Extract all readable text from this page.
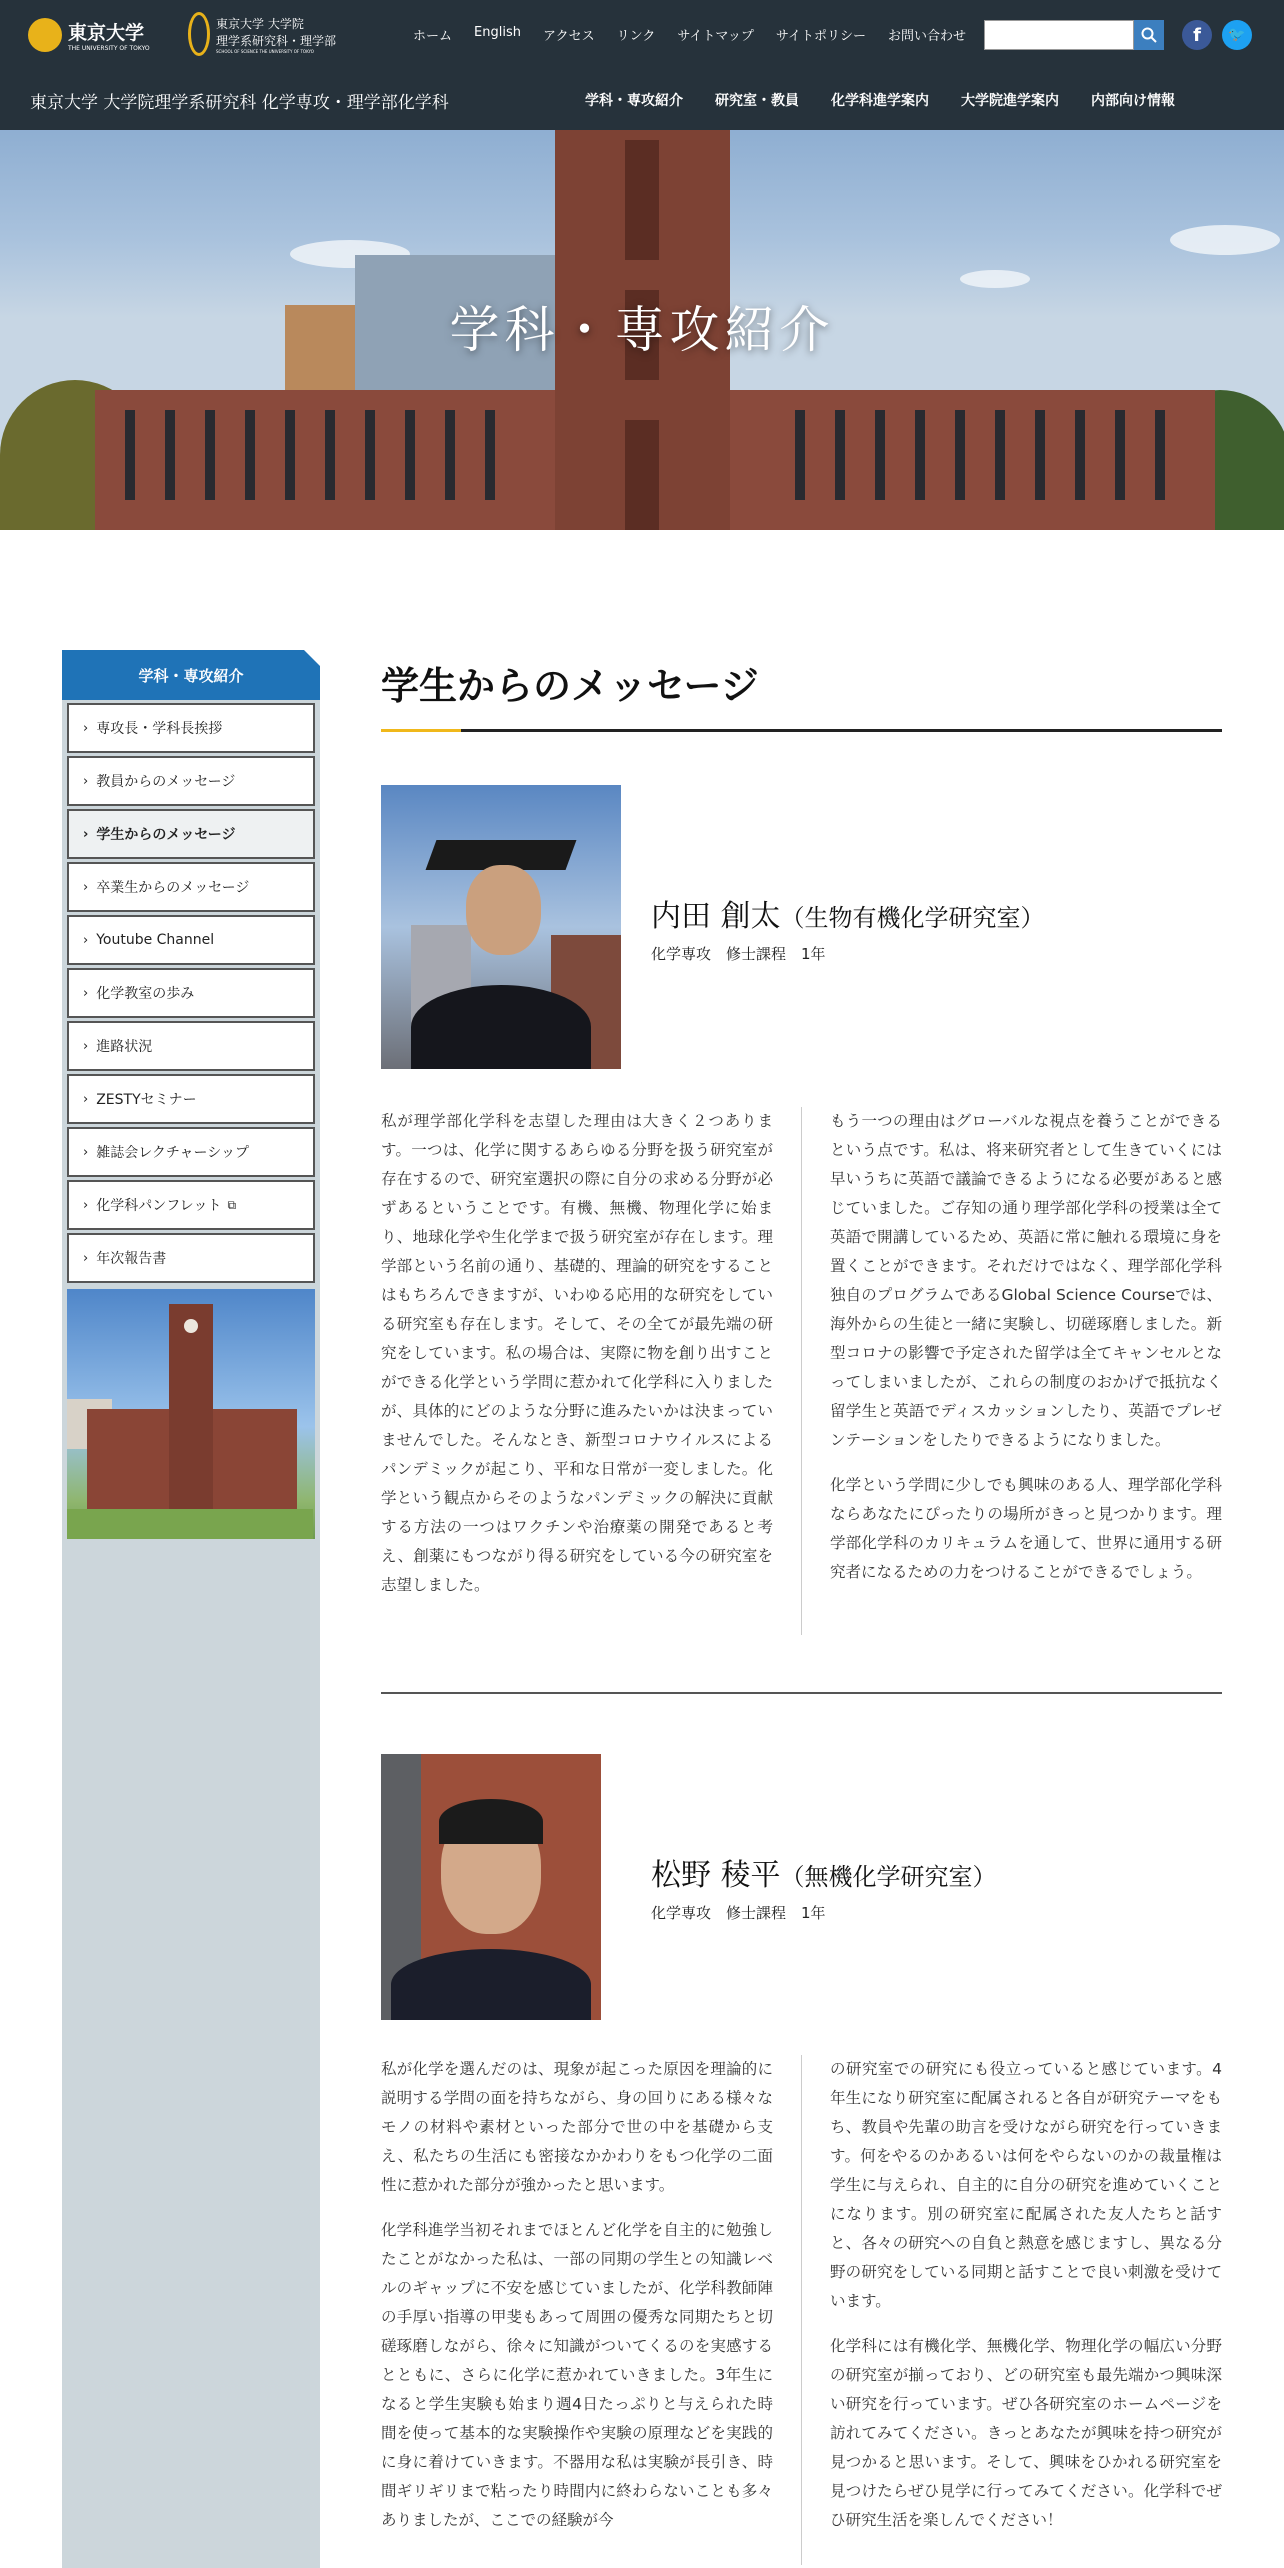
学科・専攻紹介
東京大学
THE UNIVERSITY OF TOKYO
東京大学 大学院
理学系研究科・理学部
SCHOOL OF SCIENCE THE UNIVERSITY OF TOKYO
ホーム English アクセス リンク サイトマップ サイトポリシー お問い合わせ	f	🐦
東京大学 大学院理学系研究科 化学専攻・理学部化学科	学科・専攻紹介 研究室・教員 化学科進学案内 大学院進学案内 内部向け情報
学科・専攻紹介
› 専攻長・学科長挨拶
› 教員からのメッセージ
› 学生からのメッセージ
› 卒業生からのメッセージ
› Youtube Channel
› 化学教室の歩み
› 進路状況
› ZESTYセミナー
› 雑誌会レクチャーシップ
› 化学科パンフレット ⧉
› 年次報告書
学生からのメッセージ
内田 創太（生物有機化学研究室）
化学専攻　修士課程　1年

私が理学部化学科を志望した理由は大きく２つあります。一つは、化学に関するあらゆる分野を扱う研究室が存在するので、研究室選択の際に自分の求める分野が必ずあるということです。有機、無機、物理化学に始まり、地球化学や生化学まで扱う研究室が存在します。理学部という名前の通り、基礎的、理論的研究をすることはもちろんできますが、いわゆる応用的な研究をしている研究室も存在します。そして、その全てが最先端の研究をしています。私の場合は、実際に物を創り出すことができる化学という学問に惹かれて化学科に入りましたが、具体的にどのような分野に進みたいかは決まっていませんでした。そんなとき、新型コロナウイルスによるパンデミックが起こり、平和な日常が一変しました。化学という観点からそのようなパンデミックの解決に貢献する方法の一つはワクチンや治療薬の開発であると考え、創薬にもつながり得る研究をしている今の研究室を志望しました。

もう一つの理由はグローバルな視点を養うことができるという点です。私は、将来研究者として生きていくには早いうちに英語で議論できるようになる必要があると感じていました。ご存知の通り理学部化学科の授業は全て英語で開講しているため、英語に常に触れる環境に身を置くことができます。それだけではなく、理学部化学科独自のプログラムであるGlobal Science Courseでは、海外からの生徒と一緒に実験し、切磋琢磨しました。新型コロナの影響で予定された留学は全てキャンセルとなってしまいましたが、これらの制度のおかげで抵抗なく留学生と英語でディスカッションしたり、英語でプレゼンテーションをしたりできるようになりました。

化学という学問に少しでも興味のある人、理学部化学科ならあなたにぴったりの場所がきっと見つかります。理学部化学科のカリキュラムを通して、世界に通用する研究者になるための力をつけることができるでしょう。

松野 稜平（無機化学研究室）
化学専攻　修士課程　1年

私が化学を選んだのは、現象が起こった原因を理論的に説明する学問の面を持ちながら、身の回りにある様々なモノの材料や素材といった部分で世の中を基礎から支え、私たちの生活にも密接なかかわりをもつ化学の二面性に惹かれた部分が強かったと思います。

化学科進学当初それまでほとんど化学を自主的に勉強したことがなかった私は、一部の同期の学生との知識レベルのギャップに不安を感じていましたが、化学科教師陣の手厚い指導の甲斐もあって周囲の優秀な同期たちと切磋琢磨しながら、徐々に知識がついてくるのを実感するとともに、さらに化学に惹かれていきました。3年生になると学生実験も始まり週4日たっぷりと与えられた時間を使って基本的な実験操作や実験の原理などを実践的に身に着けていきます。不器用な私は実験が長引き、時間ギリギリまで粘ったり時間内に終わらないことも多々ありましたが、ここでの経験が今

の研究室での研究にも役立っていると感じています。4年生になり研究室に配属されると各自が研究テーマをもち、教員や先輩の助言を受けながら研究を行っていきます。何をやるのかあるいは何をやらないのかの裁量権は学生に与えられ、自主的に自分の研究を進めていくことになります。別の研究室に配属された友人たちと話すと、各々の研究への自負と熱意を感じますし、異なる分野の研究をしている同期と話すことで良い刺激を受けています。

化学科には有機化学、無機化学、物理化学の幅広い分野の研究室が揃っており、どの研究室も最先端かつ興味深い研究を行っています。ぜひ各研究室のホームページを訪れてみてください。きっとあなたが興味を持つ研究が見つかると思います。そして、興味をひかれる研究室を見つけたらぜひ見学に行ってみてください。化学科でぜひ研究生活を楽しんでください！
